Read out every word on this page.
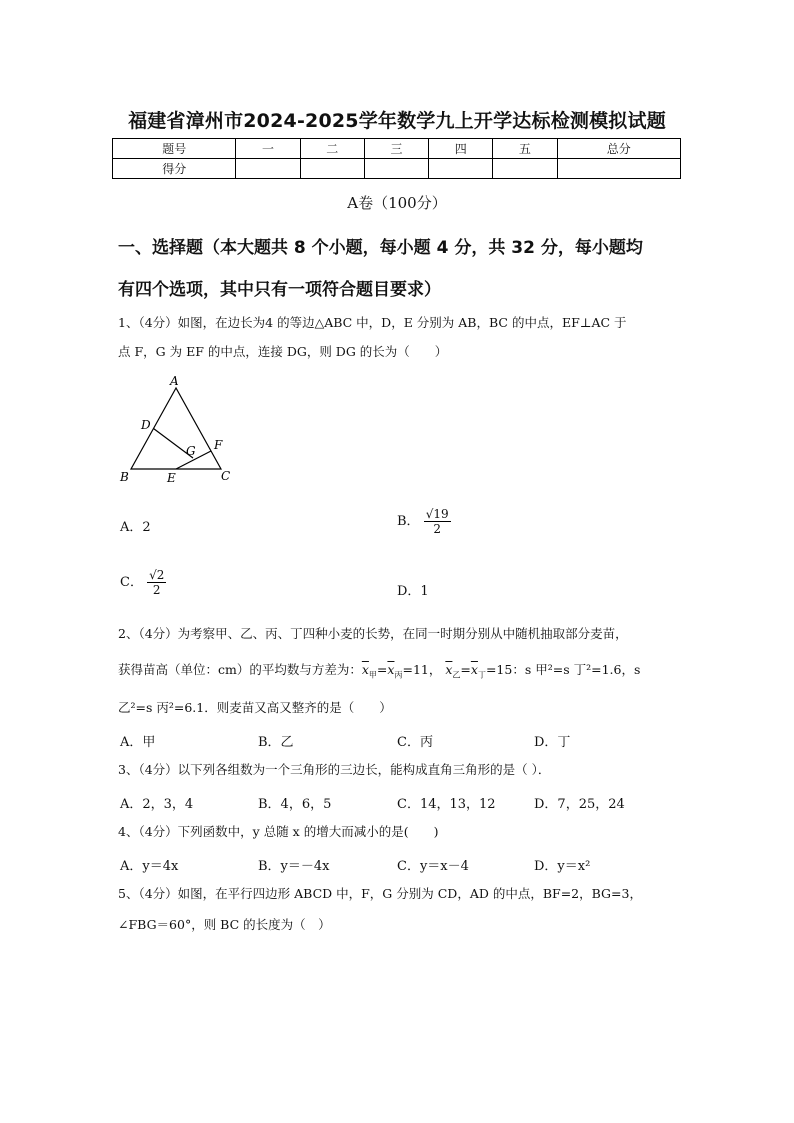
福建省漳州市2024-2025学年数学九上开学达标检测模拟试题
题号	一	二	三	四	五	总分
得分						
A卷（100分）
一、选择题（本大题共 8 个小题，每小题 4 分，共 32 分，每小题均
有四个选项，其中只有一项符合题目要求）
1、（4分）如图，在边长为4 的等边△ABC 中，D，E 分别为 AB，BC 的中点，EF⊥AC 于
点 F，G 为 EF 的中点，连接 DG，则 DG 的长为（　　）
A
D
F
G
B	E	C
A．2	B． $\frac{√19}{2}$
C． $\frac{√2}{2}$	D．1
2、（4分）为考察甲、乙、丙、丁四种小麦的长势，在同一时期分别从中随机抽取部分麦苗，
获得苗高（单位：cm）的平均数与方差为：$\overline{x}_甲=\overline{x}_丙=11$， $\overline{x}_乙=\overline{x}_丁=15$：s 甲²=s 丁²=1.6，s
乙²=s 丙²=6.1．则麦苗又高又整齐的是（　　）
A．甲	B．乙	C．丙	D．丁
3、（4分）以下列各组数为一个三角形的三边长，能构成直角三角形的是（ ）．
A．2，3，4	B．4，6，5	C．14，13，12	D．7，25，24
4、（4分）下列函数中，y 总随 x 的增大而减小的是(　　)
A．y＝4x	B．y＝－4x	C．y＝x－4	D．y＝x²
5、（4分）如图，在平行四边形 ABCD 中，F，G 分别为 CD，AD 的中点，BF=2，BG=3，
∠FBG＝60°，则 BC 的长度为（　）
